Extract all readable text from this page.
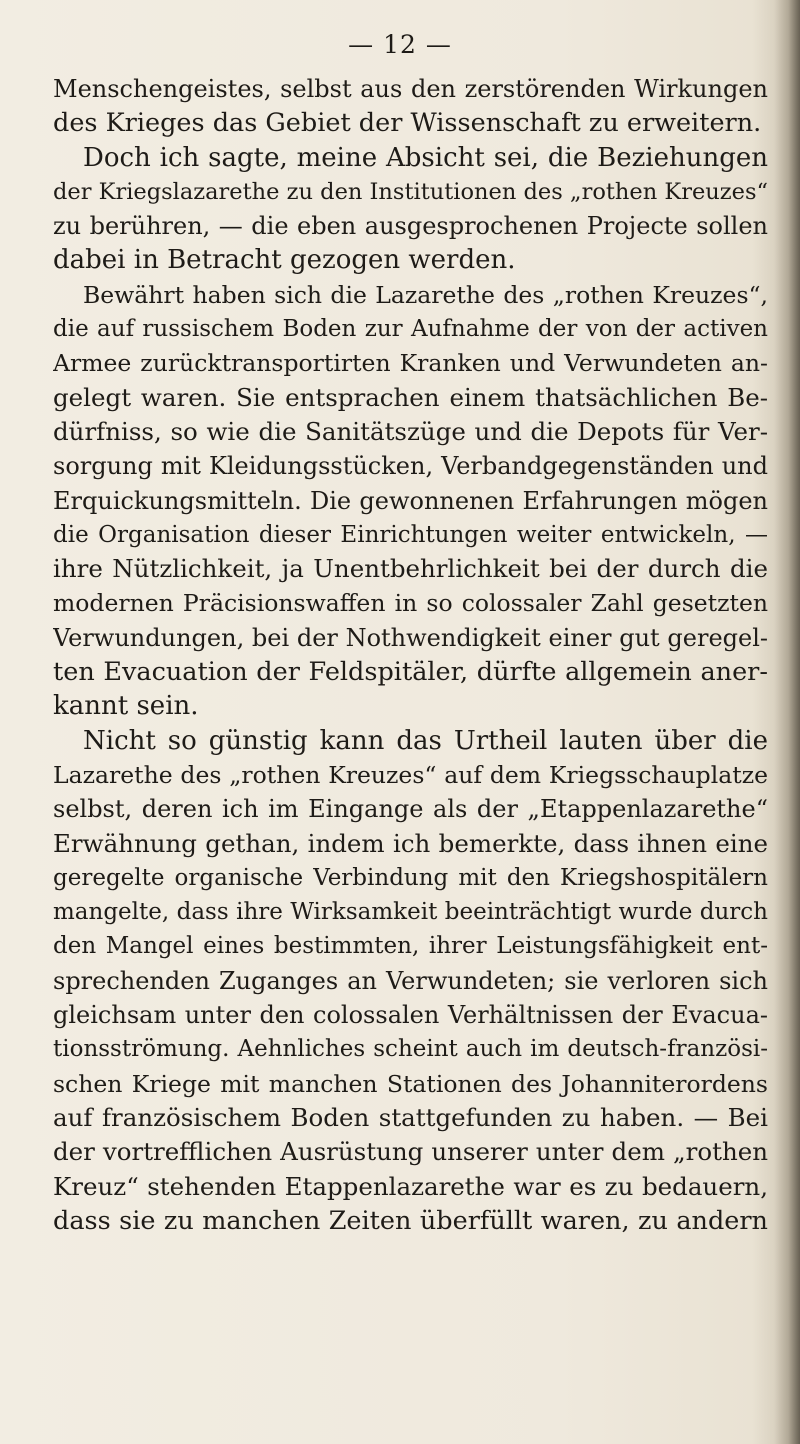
— 12 —
Menschengeistes, selbst aus den zerstörenden Wirkungen
des Krieges das Gebiet der Wissenschaft zu erweitern.
Doch ich sagte, meine Absicht sei, die Beziehungen
der Kriegslazarethe zu den Institutionen des „rothen Kreuzes“
zu berühren, — die eben ausgesprochenen Projecte sollen
dabei in Betracht gezogen werden.
Bewährt haben sich die Lazarethe des „rothen Kreuzes“,
die auf russischem Boden zur Aufnahme der von der activen
Armee zurücktransportirten Kranken und Verwundeten an-
gelegt waren. Sie entsprachen einem thatsächlichen Be-
dürfniss, so wie die Sanitätszüge und die Depots für Ver-
sorgung mit Kleidungsstücken, Verbandgegenständen und
Erquickungsmitteln. Die gewonnenen Erfahrungen mögen
die Organisation dieser Einrichtungen weiter entwickeln, —
ihre Nützlichkeit, ja Unentbehrlichkeit bei der durch die
modernen Präcisionswaffen in so colossaler Zahl gesetzten
Verwundungen, bei der Nothwendigkeit einer gut geregel-
ten Evacuation der Feldspitäler, dürfte allgemein aner-
kannt sein.
Nicht so günstig kann das Urtheil lauten über die
Lazarethe des „rothen Kreuzes“ auf dem Kriegsschauplatze
selbst, deren ich im Eingange als der „Etappenlazarethe“
Erwähnung gethan, indem ich bemerkte, dass ihnen eine
geregelte organische Verbindung mit den Kriegshospitälern
mangelte, dass ihre Wirksamkeit beeinträchtigt wurde durch
den Mangel eines bestimmten, ihrer Leistungsfähigkeit ent-
sprechenden Zuganges an Verwundeten; sie verloren sich
gleichsam unter den colossalen Verhältnissen der Evacua-
tionsströmung. Aehnliches scheint auch im deutsch-französi-
schen Kriege mit manchen Stationen des Johanniterordens
auf französischem Boden stattgefunden zu haben. — Bei
der vortrefflichen Ausrüstung unserer unter dem „rothen
Kreuz“ stehenden Etappenlazarethe war es zu bedauern,
dass sie zu manchen Zeiten überfüllt waren, zu andern
